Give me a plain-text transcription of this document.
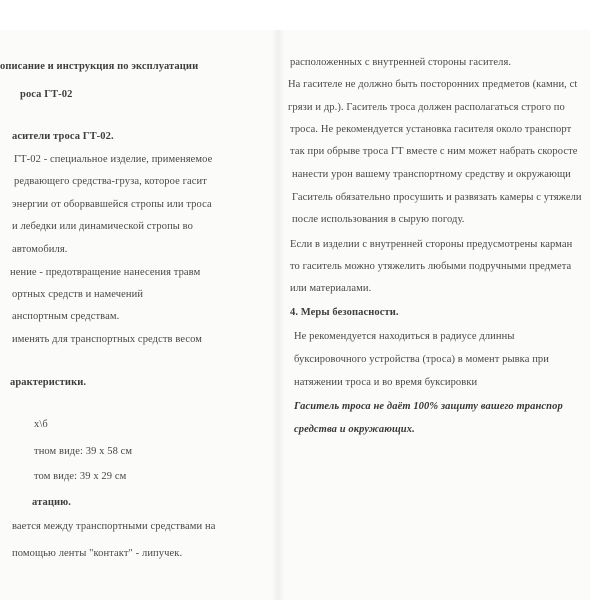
описание и инструкция по эксплуатации
роса ГТ-02
асители троса ГТ-02.
ГТ-02 - специальное изделие, применяемое
редвающего средства-груза, которое гасит
энергии от оборвавшейся стропы или троса
и лебедки или динамической стропы во
автомобиля.
нение - предотвращение нанесения травм
ортных средств и намечений
анспортным средствам.
именять для транспортных средств весом
арактеристики.
х\б
тном виде: 39 х 58 см
том виде: 39 х 29 см
атацию.
вается между транспортными средствами на
помощью ленты "контакт" - липучек.
расположенных с внутренней стороны гасителя.
На гасителе не должно быть посторонних предметов (камни, сt
грязи и др.). Гаситель троса должен располагаться строго по
троса. Не рекомендуется установка гасителя около транспорт
так при обрыве троса ГТ вместе с ним может набрать скоросте
нанести урон вашему транспортному средству и окружающи
Гаситель обязательно просушить и развязать камеры с утяжели
после использования в сырую погоду.
Если в изделии с внутренней стороны предусмотрены карман
то гаситель можно утяжелить любыми подручными предмета
или материалами.
4. Меры безопасности.
Не рекомендуется находиться в радиусе длинны
буксировочного устройства (троса) в момент рывка при
натяжении троса и во время буксировки
Гаситель троса не даёт 100% защиту вашего транспор
средства и окружающих.
